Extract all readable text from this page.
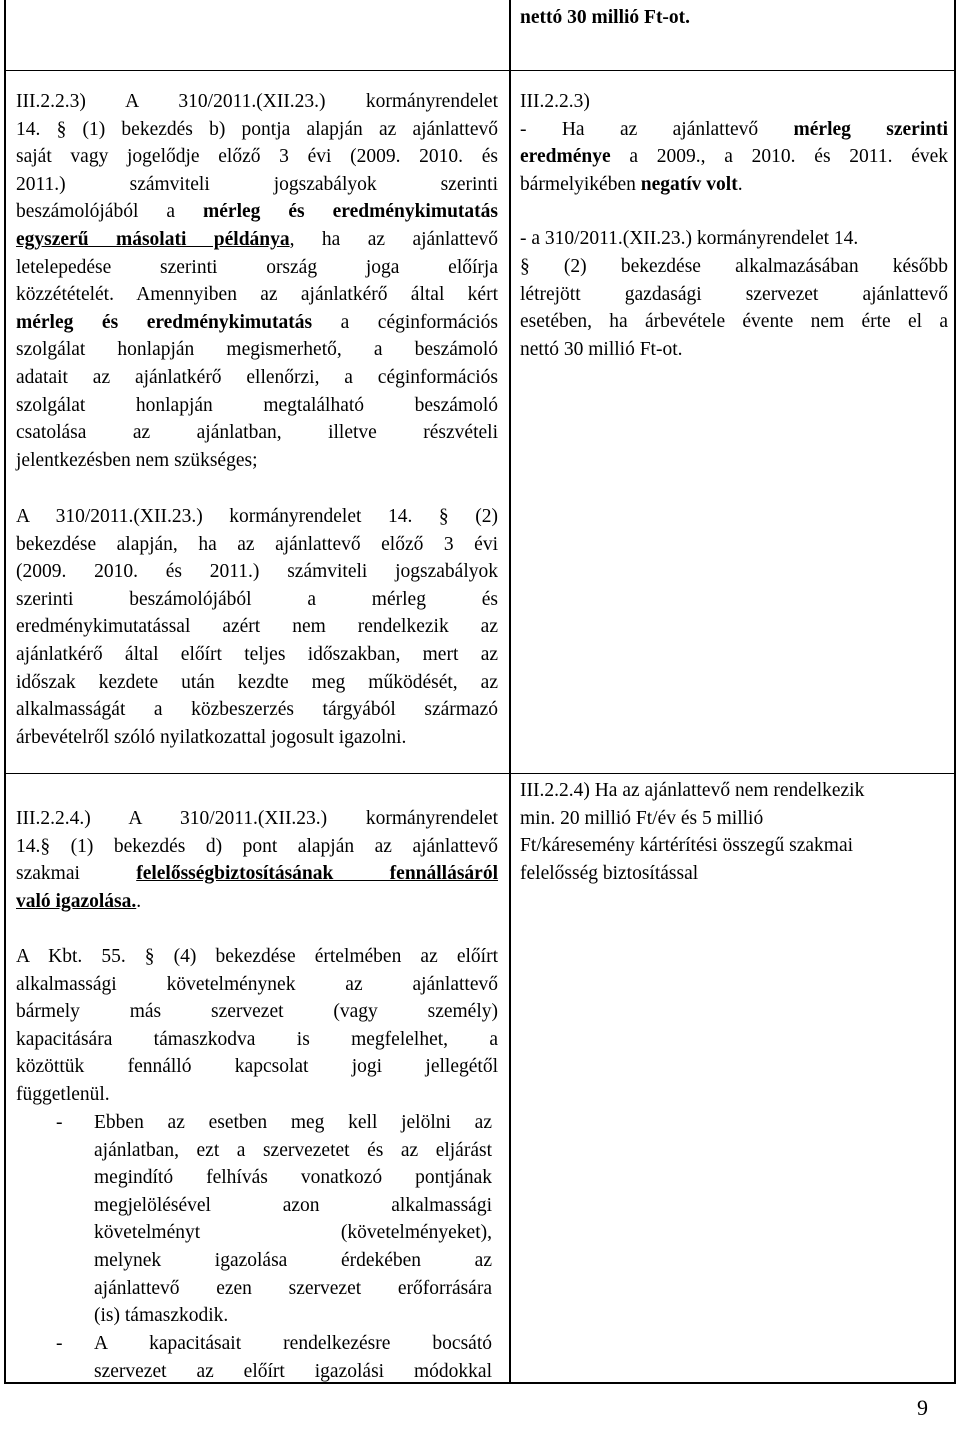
nettó 30 millió Ft-ot.
III.2.2.3) A 310/2011.(XII.23.) kormányrendelet
14. § (1) bekezdés b) pontja alapján az ajánlattevő
saját vagy jogelődje előző 3 évi (2009. 2010. és
2011.) számviteli jogszabályok szerinti
beszámolójából a mérleg és eredménykimutatás
egyszerű másolati példánya, ha az ajánlattevő
letelepedése szerinti ország joga előírja
közzétételét. Amennyiben az ajánlatkérő által kért
mérleg és eredménykimutatás a céginformációs
szolgálat honlapján megismerhető, a beszámoló
adatait az ajánlatkérő ellenőrzi, a céginformációs
szolgálat honlapján megtalálható beszámoló
csatolása az ajánlatban, illetve részvételi
jelentkezésben nem szükséges;
A 310/2011.(XII.23.) kormányrendelet 14. § (2)
bekezdése alapján, ha az ajánlattevő előző 3 évi
(2009. 2010. és 2011.) számviteli jogszabályok
szerinti beszámolójából a mérleg és
eredménykimutatással azért nem rendelkezik az
ajánlatkérő által előírt teljes időszakban, mert az
időszak kezdete után kezdte meg működését, az
alkalmasságát a közbeszerzés tárgyából származó
árbevételről szóló nyilatkozattal jogosult igazolni.
III.2.2.3)
- Ha az ajánlattevő mérleg szerinti
eredménye a 2009., a 2010. és 2011. évek
bármelyikében negatív volt.
- a 310/2011.(XII.23.) kormányrendelet 14.
§ (2) bekezdése alkalmazásában később
létrejött gazdasági szervezet ajánlattevő
esetében, ha árbevétele évente nem érte el a
nettó 30 millió Ft-ot.
III.2.2.4.) A 310/2011.(XII.23.) kormányrendelet
14.§ (1) bekezdés d) pont alapján az ajánlattevő
szakmai felelősségbiztosításának fennállásáról
való igazolása..
A Kbt. 55. § (4) bekezdése értelmében az előírt
alkalmassági követelménynek az ajánlattevő
bármely más szervezet (vagy személy)
kapacitására támaszkodva is megfelelhet, a
közöttük fennálló kapcsolat jogi jellegétől
függetlenül.
- Ebben az esetben meg kell jelölni az
ajánlatban, ezt a szervezetet és az eljárást
megindító felhívás vonatkozó pontjának
megjelölésével azon alkalmassági
követelményt (követelményeket),
melynek igazolása érdekében az
ajánlattevő ezen szervezet erőforrására
(is) támaszkodik.
- A kapacitásait rendelkezésre bocsátó
szervezet az előírt igazolási módokkal
III.2.2.4) Ha az ajánlattevő nem rendelkezik
min. 20 millió Ft/év és 5 millió
Ft/káresemény kártérítési összegű szakmai
felelősség biztosítással
9
